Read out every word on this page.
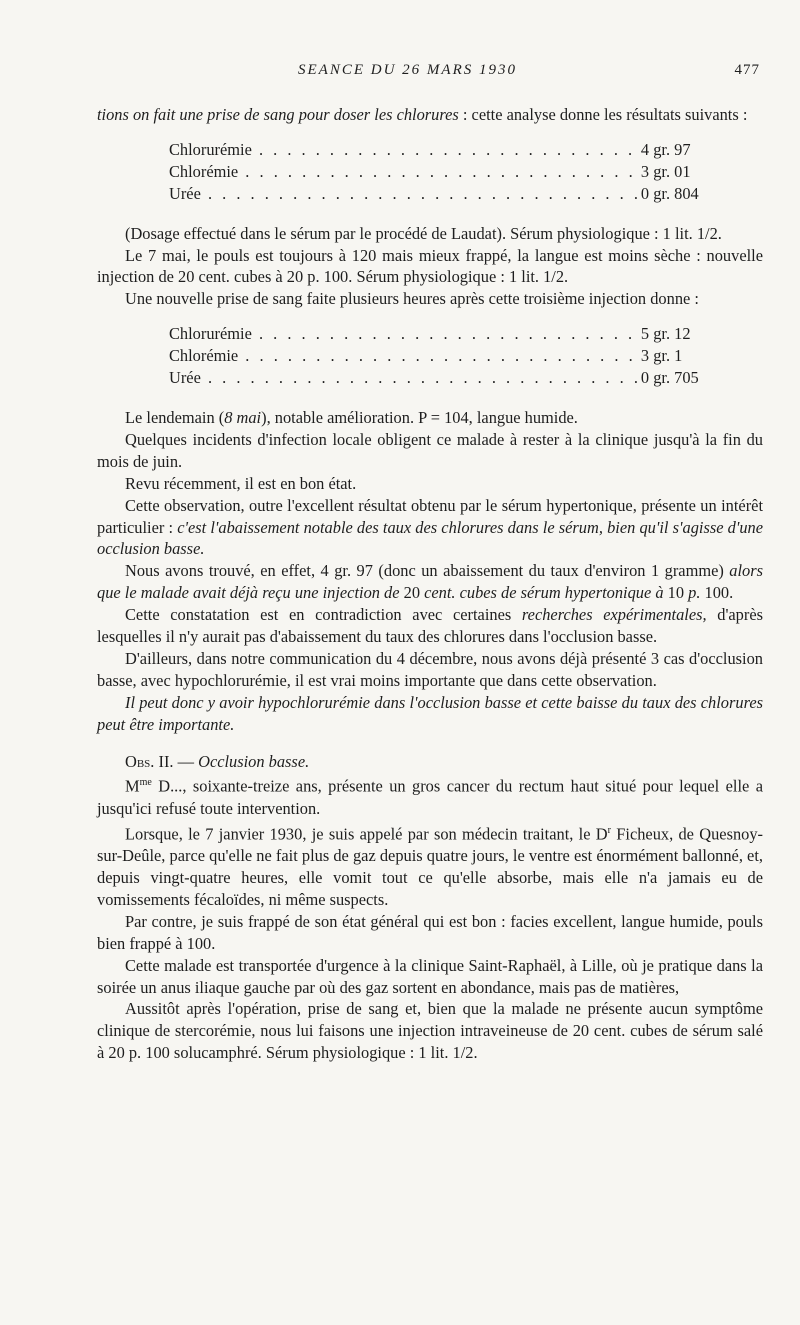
SEANCE DU 26 MARS 1930	477

tions on fait une prise de sang pour doser les chlorures : cette analyse donne les résultats suivants :

Chlorurémie . . . . . . . . . . . . . . . . . . . . . . . . . . .	4 gr. 97
Chlorémie . . . . . . . . . . . . . . . . . . . . . . . . . . . .	3 gr. 01
Urée . . . . . . . . . . . . . . . . . . . . . . . . . . . . . . .	0 gr. 804

(Dosage effectué dans le sérum par le procédé de Laudat). Sérum physiologique : 1 lit. 1/2.

Le 7 mai, le pouls est toujours à 120 mais mieux frappé, la langue est moins sèche : nouvelle injection de 20 cent. cubes à 20 p. 100. Sérum physiologique : 1 lit. 1/2.

Une nouvelle prise de sang faite plusieurs heures après cette troisième injection donne :

Chlorurémie . . . . . . . . . . . . . . . . . . . . . . . . . . .	5 gr. 12
Chlorémie . . . . . . . . . . . . . . . . . . . . . . . . . . . .	3 gr. 1
Urée . . . . . . . . . . . . . . . . . . . . . . . . . . . . . . .	0 gr. 705

Le lendemain (8 mai), notable amélioration. P = 104, langue humide.

Quelques incidents d'infection locale obligent ce malade à rester à la clinique jusqu'à la fin du mois de juin.

Revu récemment, il est en bon état.

Cette observation, outre l'excellent résultat obtenu par le sérum hypertonique, présente un intérêt particulier : c'est l'abaissement notable des taux des chlorures dans le sérum, bien qu'il s'agisse d'une occlusion basse.

Nous avons trouvé, en effet, 4 gr. 97 (donc un abaissement du taux d'environ 1 gramme) alors que le malade avait déjà reçu une injection de 20 cent. cubes de sérum hypertonique à 10 p. 100.

Cette constatation est en contradiction avec certaines recherches expérimentales, d'après lesquelles il n'y aurait pas d'abaissement du taux des chlorures dans l'occlusion basse.

D'ailleurs, dans notre communication du 4 décembre, nous avons déjà présenté 3 cas d'occlusion basse, avec hypochlorurémie, il est vrai moins importante que dans cette observation.

Il peut donc y avoir hypochlorurémie dans l'occlusion basse et cette baisse du taux des chlorures peut être importante.

Obs. II. — Occlusion basse.

$M^{me}$ D..., soixante-treize ans, présente un gros cancer du rectum haut situé pour lequel elle a jusqu'ici refusé toute intervention.

Lorsque, le 7 janvier 1930, je suis appelé par son médecin traitant, le $D^r$ Ficheux, de Quesnoy-sur-Deûle, parce qu'elle ne fait plus de gaz depuis quatre jours, le ventre est énormément ballonné, et, depuis vingt-quatre heures, elle vomit tout ce qu'elle absorbe, mais elle n'a jamais eu de vomissements fécaloïdes, ni même suspects.

Par contre, je suis frappé de son état général qui est bon : facies excellent, langue humide, pouls bien frappé à 100.

Cette malade est transportée d'urgence à la clinique Saint-Raphaël, à Lille, où je pratique dans la soirée un anus iliaque gauche par où des gaz sortent en abondance, mais pas de matières,

Aussitôt après l'opération, prise de sang et, bien que la malade ne présente aucun symptôme clinique de stercorémie, nous lui faisons une injection intraveineuse de 20 cent. cubes de sérum salé à 20 p. 100 solucamphré. Sérum physiologique : 1 lit. 1/2.
